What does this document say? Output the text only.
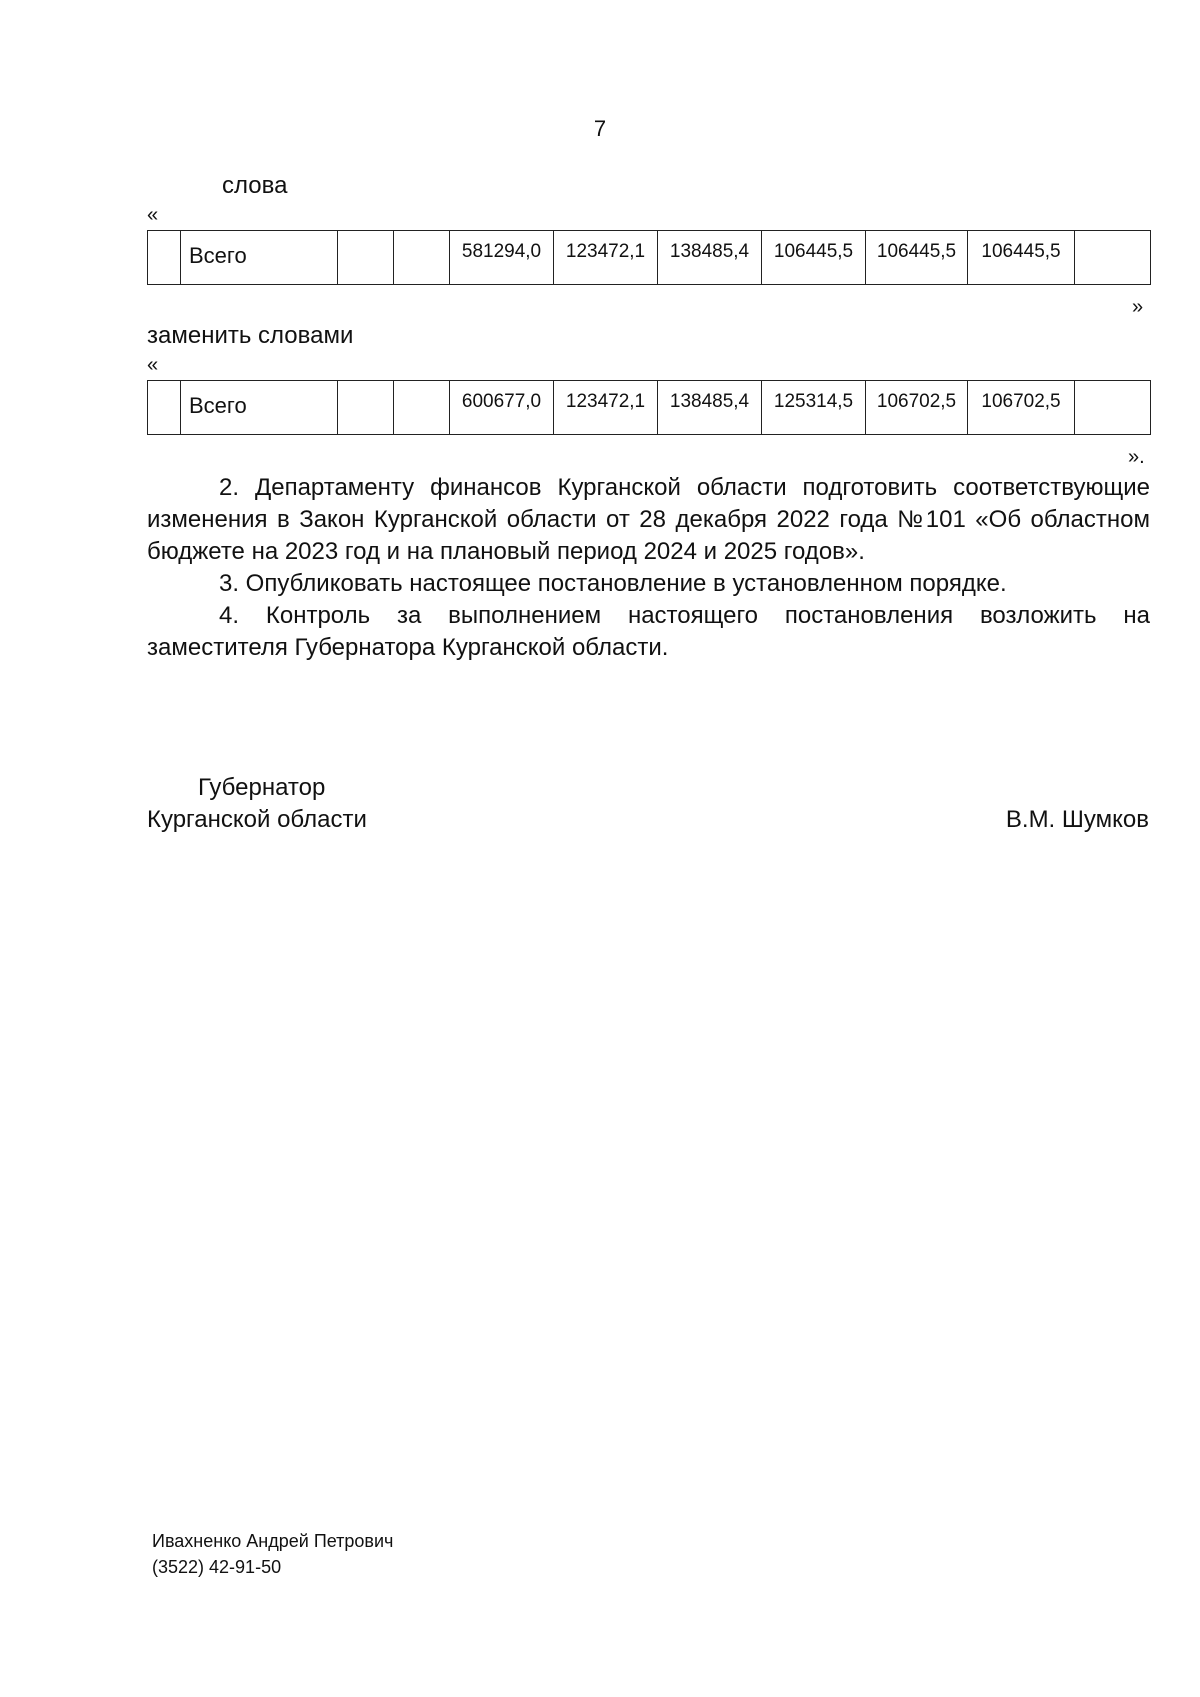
7
слова
«
	Всего			581294,0	123472,1	138485,4	106445,5	106445,5	106445,5	
»
заменить словами
«
	Всего			600677,0	123472,1	138485,4	125314,5	106702,5	106702,5	
».

2. Департаменту финансов Курганской области подготовить соответствующие изменения в Закон Курганской области от 28 декабря 2022 года №101 «Об областном бюджете на 2023 год и на плановый период 2024 и 2025 годов».

3. Опубликовать настоящее постановление в установленном порядке.

4. Контроль за выполнением настоящего постановления возложить на заместителя Губернатора Курганской области.

Губернатор
Курганской области	В.М. Шумков
Ивахненко Андрей Петрович
(3522) 42-91-50
